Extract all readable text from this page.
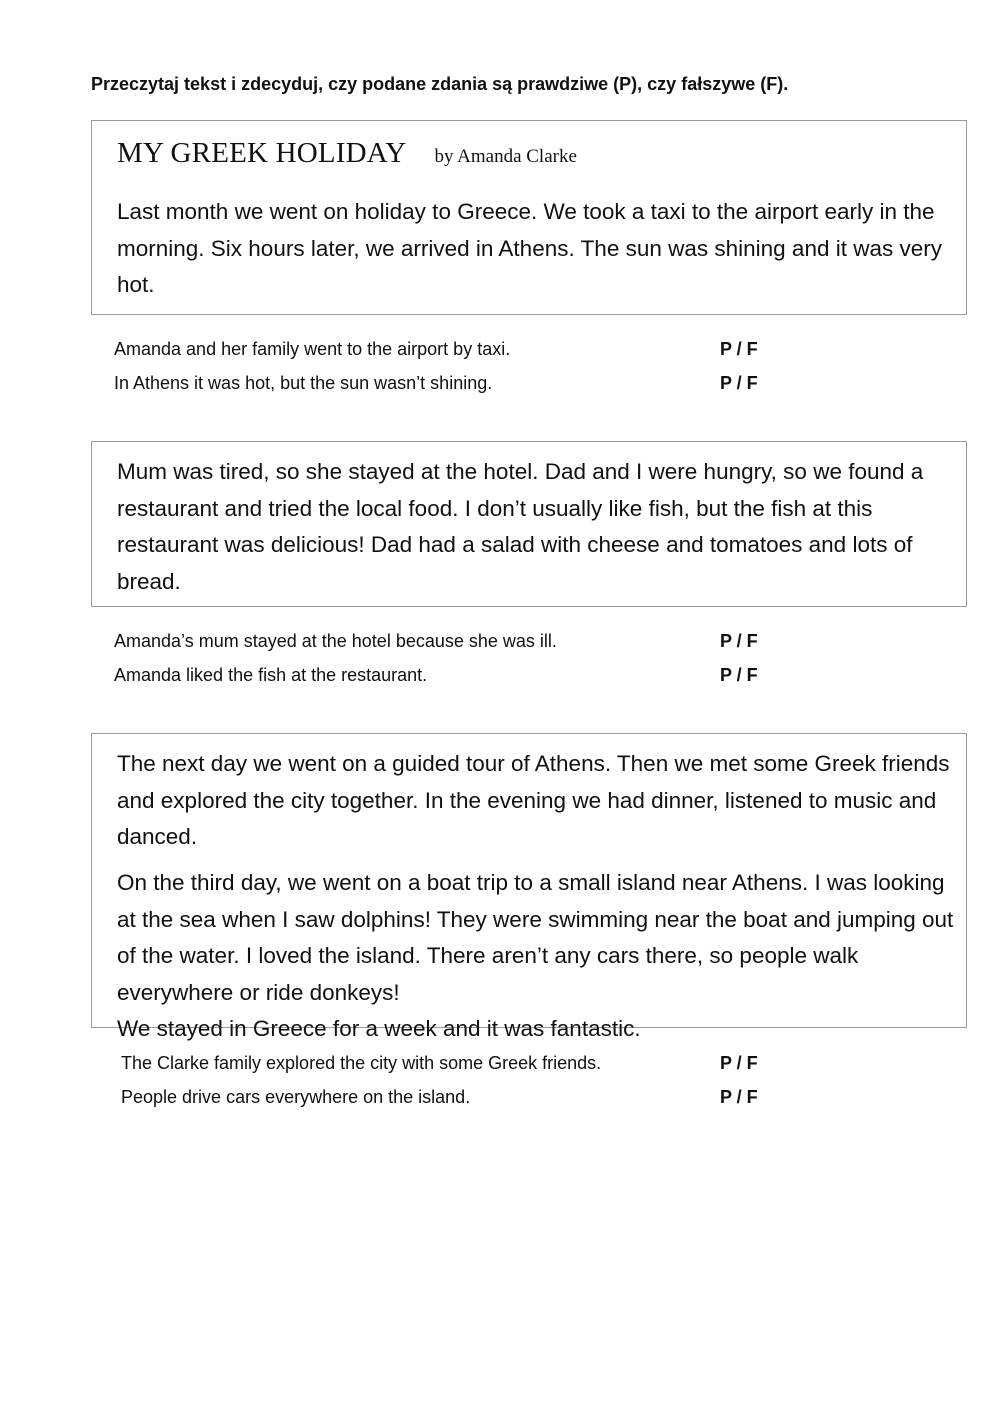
Przeczytaj tekst i zdecyduj, czy podane zdania są prawdziwe (P), czy fałszywe (F).
MY GREEK HOLIDAY by Amanda Clarke

Last month we went on holiday to Greece. We took a taxi to the airport early in the morning. Six hours later, we arrived in Athens. The sun was shining and it was very hot.

Amanda and her family went to the airport by taxi.	P / F
In Athens it was hot, but the sun wasn’t shining.	P / F

Mum was tired, so she stayed at the hotel. Dad and I were hungry, so we found a restaurant and tried the local food. I don’t usually like fish, but the fish at this restaurant was delicious! Dad had a salad with cheese and tomatoes and lots of bread.

Amanda’s mum stayed at the hotel because she was ill.	P / F
Amanda liked the fish at the restaurant.	P / F

The next day we went on a guided tour of Athens. Then we met some Greek friends and explored the city together. In the evening we had dinner, listened to music and danced.

On the third day, we went on a boat trip to a small island near Athens. I was looking at the sea when I saw dolphins! They were swimming near the boat and jumping out of the water. I loved the island. There aren’t any cars there, so people walk everywhere or ride donkeys!

We stayed in Greece for a week and it was fantastic.

The Clarke family explored the city with some Greek friends.	P / F
People drive cars everywhere on the island.	P / F
